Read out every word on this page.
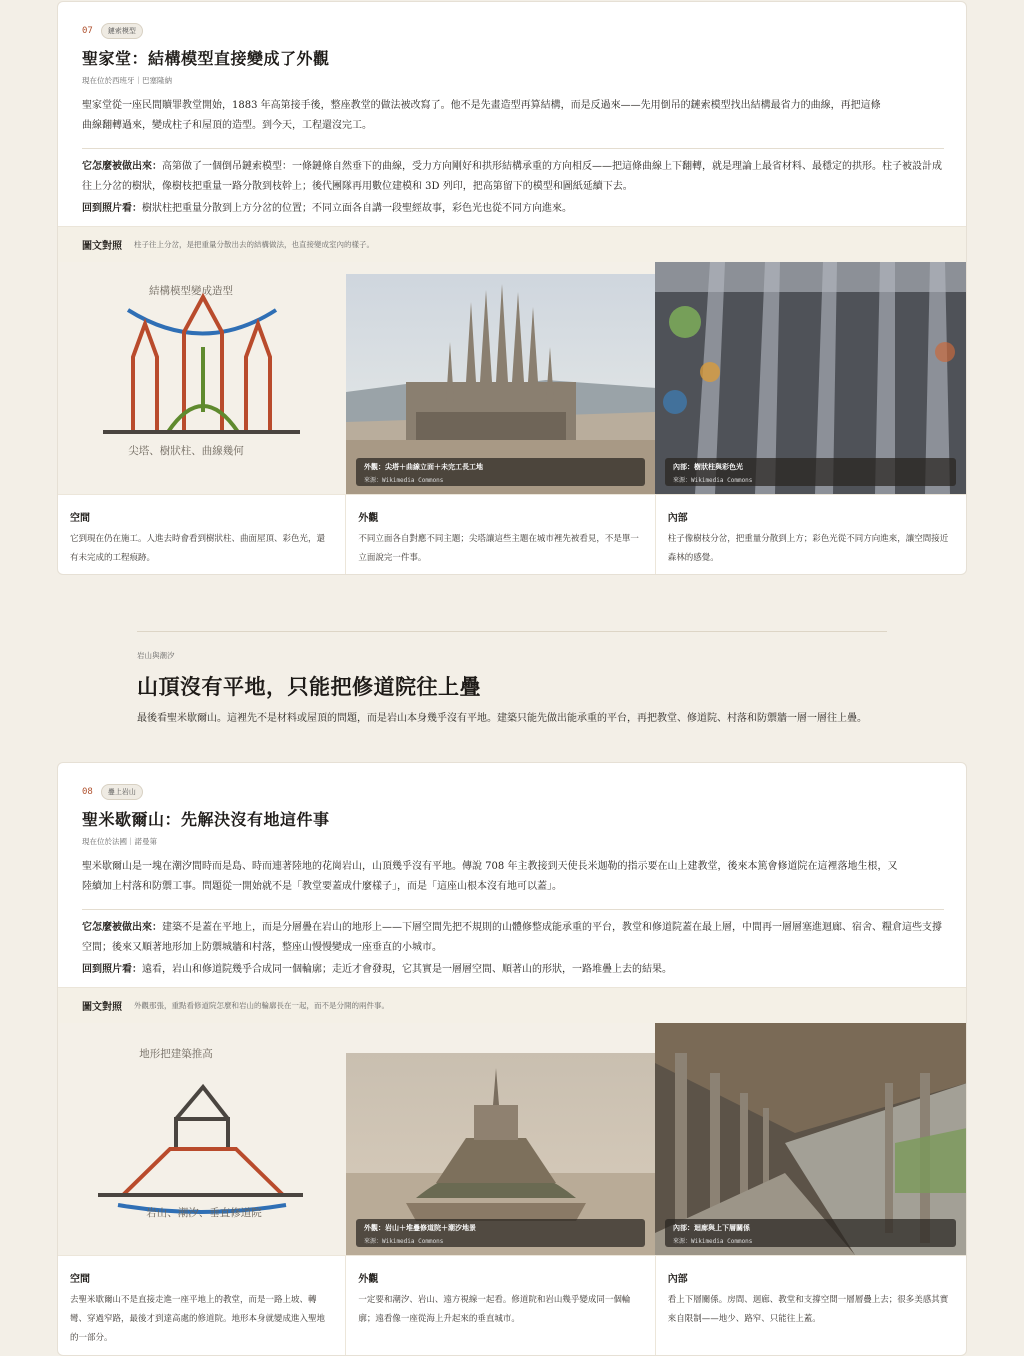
07	鏈索模型
聖家堂：結構模型直接變成了外觀
現在位於西班牙｜巴塞隆納
聖家堂從一座民間贖罪教堂開始，1883 年高第接手後，整座教堂的做法被改寫了。他不是先畫造型再算結構，而是反過來——先用倒吊的鏈索模型找出結構最省力的曲線，再把這條曲線翻轉過來，變成柱子和屋頂的造型。到今天，工程還沒完工。
它怎麼被做出來：高第做了一個倒吊鏈索模型：一條鏈條自然垂下的曲線，受力方向剛好和拱形結構承重的方向相反——把這條曲線上下翻轉，就是理論上最省材料、最穩定的拱形。柱子被設計成往上分岔的樹狀，像樹枝把重量一路分散到枝幹上；後代團隊再用數位建模和 3D 列印，把高第留下的模型和圖紙延續下去。
回到照片看：樹狀柱把重量分散到上方分岔的位置；不同立面各自講一段聖經故事，彩色光也從不同方向進來。
圖文對照 柱子往上分岔，是把重量分散出去的結構做法，也直接變成室內的樣子。
結構模型變成造型
尖塔、樹狀柱、曲線幾何
外觀：尖塔＋曲線立面＋未完工長工地
來源：Wikimedia Commons
內部：樹狀柱與彩色光
來源：Wikimedia Commons
空間
它到現在仍在施工。人進去時會看到樹狀柱、曲面屋頂、彩色光，還有未完成的工程痕跡。
外觀
不同立面各自對應不同主題；尖塔讓這些主題在城市裡先被看見，不是單一立面說完一件事。
內部
柱子像樹枝分岔，把重量分散到上方；彩色光從不同方向進來，讓空間接近森林的感覺。
岩山與潮汐
山頂沒有平地，只能把修道院往上疊
最後看聖米歇爾山。這裡先不是材料或屋頂的問題，而是岩山本身幾乎沒有平地。建築只能先做出能承重的平台，再把教堂、修道院、村落和防禦牆一層一層往上疊。
08	疊上岩山
聖米歇爾山：先解決沒有地這件事
現在位於法國｜諾曼第
聖米歇爾山是一塊在潮汐間時而是島、時而連著陸地的花崗岩山，山頂幾乎沒有平地。傳說 708 年主教接到天使長米迦勒的指示要在山上建教堂，後來本篤會修道院在這裡落地生根，又陸續加上村落和防禦工事。問題從一開始就不是「教堂要蓋成什麼樣子」，而是「這座山根本沒有地可以蓋」。
它怎麼被做出來：建築不是蓋在平地上，而是分層疊在岩山的地形上——下層空間先把不規則的山體修整成能承重的平台，教堂和修道院蓋在最上層，中間再一層層塞進迴廊、宿舍、糧倉這些支撐空間；後來又順著地形加上防禦城牆和村落，整座山慢慢變成一座垂直的小城市。
回到照片看：遠看，岩山和修道院幾乎合成同一個輪廓；走近才會發現，它其實是一層層空間、順著山的形狀，一路堆疊上去的結果。
圖文對照 外觀那張，重點看修道院怎麼和岩山的輪廓長在一起，而不是分開的兩件事。
地形把建築推高
岩山、潮汐、垂直修道院
外觀：岩山＋堆疊修道院＋潮汐地景
來源：Wikimedia Commons
內部：迴廊與上下層關係
來源：Wikimedia Commons
空間
去聖米歇爾山不是直接走進一座平地上的教堂，而是一路上坡、轉彎、穿過窄路，最後才到達高處的修道院。地形本身就變成進入聖地的一部分。
外觀
一定要和潮汐、岩山、遠方視線一起看。修道院和岩山幾乎變成同一個輪廓；遠看像一座從海上升起來的垂直城市。
內部
看上下層關係。房間、迴廊、教堂和支撐空間一層層疊上去；很多美感其實來自限制——地少、路窄、只能往上蓋。
